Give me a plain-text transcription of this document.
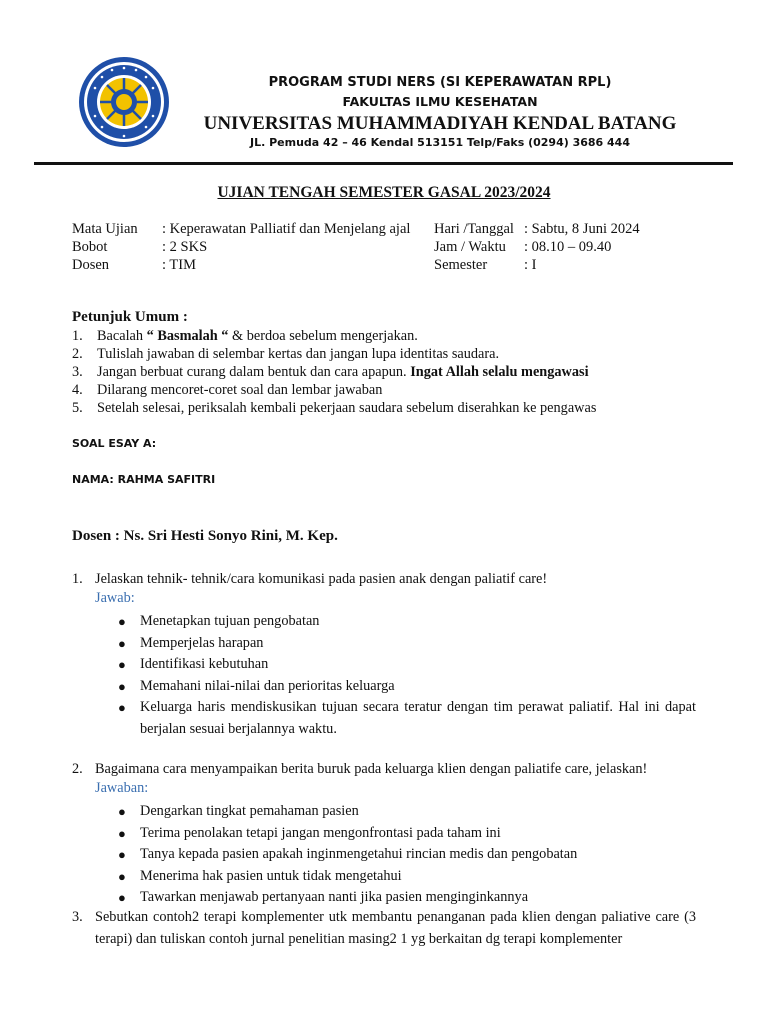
PROGRAM STUDI NERS (SI KEPERAWATAN RPL)
FAKULTAS ILMU KESEHATAN
UNIVERSITAS MUHAMMADIYAH KENDAL BATANG
JL. Pemuda 42 – 46 Kendal 513151 Telp/Faks (0294) 3686 444
UJIAN TENGAH SEMESTER GASAL 2023/2024
Mata Ujian
Bobot
Dosen
: Keperawatan Palliatif dan Menjelang ajal
: 2 SKS
: TIM
Hari /Tanggal
Jam / Waktu
Semester
: Sabtu, 8 Juni 2024
: 08.10 – 09.40
: I
Petunjuk Umum :
1. Bacalah “ Basmalah “ & berdoa sebelum mengerjakan.
2. Tulislah jawaban di selembar kertas dan jangan lupa identitas saudara.
3. Jangan berbuat curang dalam bentuk dan cara apapun. Ingat Allah selalu mengawasi
4. Dilarang mencoret-coret soal dan lembar jawaban
5. Setelah selesai, periksalah kembali pekerjaan saudara sebelum diserahkan ke pengawas
SOAL ESAY A:
NAMA: RAHMA SAFITRI
Dosen : Ns. Sri Hesti Sonyo Rini, M. Kep.
1. Jelaskan tehnik- tehnik/cara komunikasi pada pasien anak dengan paliatif care!
Jawab:
● Menetapkan tujuan pengobatan
● Memperjelas harapan
● Identifikasi kebutuhan
● Memahani nilai-nilai dan perioritas keluarga
● Keluarga haris mendiskusikan tujuan secara teratur dengan tim perawat paliatif. Hal ini dapat berjalan sesuai berjalannya waktu.
2. Bagaimana cara menyampaikan berita buruk pada keluarga klien dengan paliatife care, jelaskan!
Jawaban:
● Dengarkan tingkat pemahaman pasien
● Terima penolakan tetapi jangan mengonfrontasi pada taham ini
● Tanya kepada pasien apakah inginmengetahui rincian medis dan pengobatan
● Menerima hak pasien untuk tidak mengetahui
● Tawarkan menjawab pertanyaan nanti jika pasien menginginkannya
3. Sebutkan contoh2 terapi komplementer utk membantu penanganan pada klien dengan paliative care (3 terapi) dan tuliskan contoh jurnal penelitian masing2 1 yg berkaitan dg terapi komplementer
